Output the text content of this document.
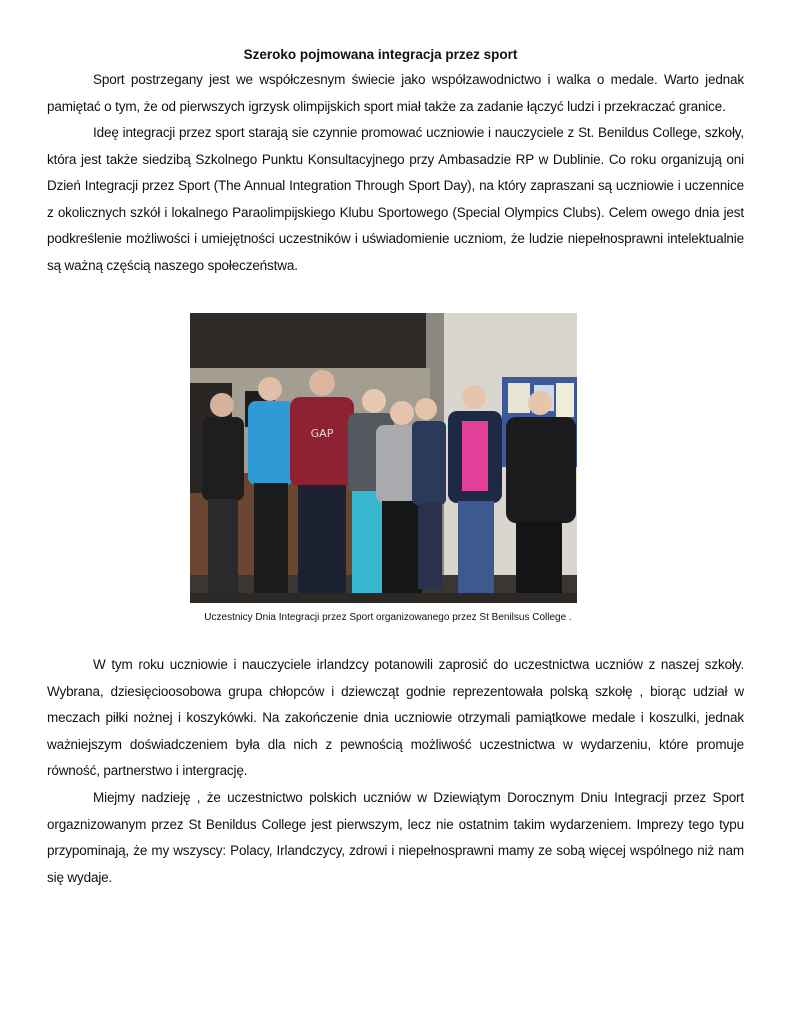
Szeroko pojmowana integracja przez sport

Sport postrzegany jest we współczesnym świecie jako współzawodnictwo i walka o medale. Warto jednak pamiętać o tym, że od pierwszych igrzysk olimpijskich sport miał także za zadanie łączyć ludzi i przekraczać granice.

Ideę integracji przez sport starają sie czynnie promować uczniowie i nauczyciele z St. Benildus College, szkoły, która jest także siedzibą Szkolnego Punktu Konsultacyjnego przy Ambasadzie RP w Dublinie. Co roku organizują oni Dzień Integracji przez Sport (The Annual Integration Through Sport Day), na który zapraszani są uczniowie i uczennice z okolicznych szkół i lokalnego Paraolimpijskiego Klubu Sportowego (Special Olympics Clubs). Celem owego dnia jest podkreślenie możliwości i umiejętności uczestników i uświadomienie uczniom, że ludzie niepełnosprawni intelektualnie są ważną częścią naszego społeczeństwa.

GAP
Uczestnicy Dnia Integracji przez Sport organizowanego przez St Benilsus College .

W tym roku uczniowie i nauczyciele irlandzcy potanowili zaprosić do uczestnictwa uczniów z naszej szkoły. Wybrana, dziesięcioosobowa grupa chłopców i dziewcząt godnie reprezentowała polską szkołę , biorąc udział w meczach piłki nożnej i koszykówki. Na zakończenie dnia uczniowie otrzymali pamiątkowe medale i koszulki, jednak ważniejszym doświadczeniem była dla nich z pewnością możliwość uczestnictwa w wydarzeniu, które promuje równość, partnerstwo i intergrację.

Miejmy nadzieję , że uczestnictwo polskich uczniów w Dziewiątym Dorocznym Dniu Integracji przez Sport orgaznizowanym przez St Benildus College jest pierwszym, lecz nie ostatnim takim wydarzeniem. Imprezy tego typu przypominają, że my wszyscy: Polacy, Irlandczycy, zdrowi i niepełnosprawni mamy ze sobą więcej wspólnego niż nam się wydaje.
